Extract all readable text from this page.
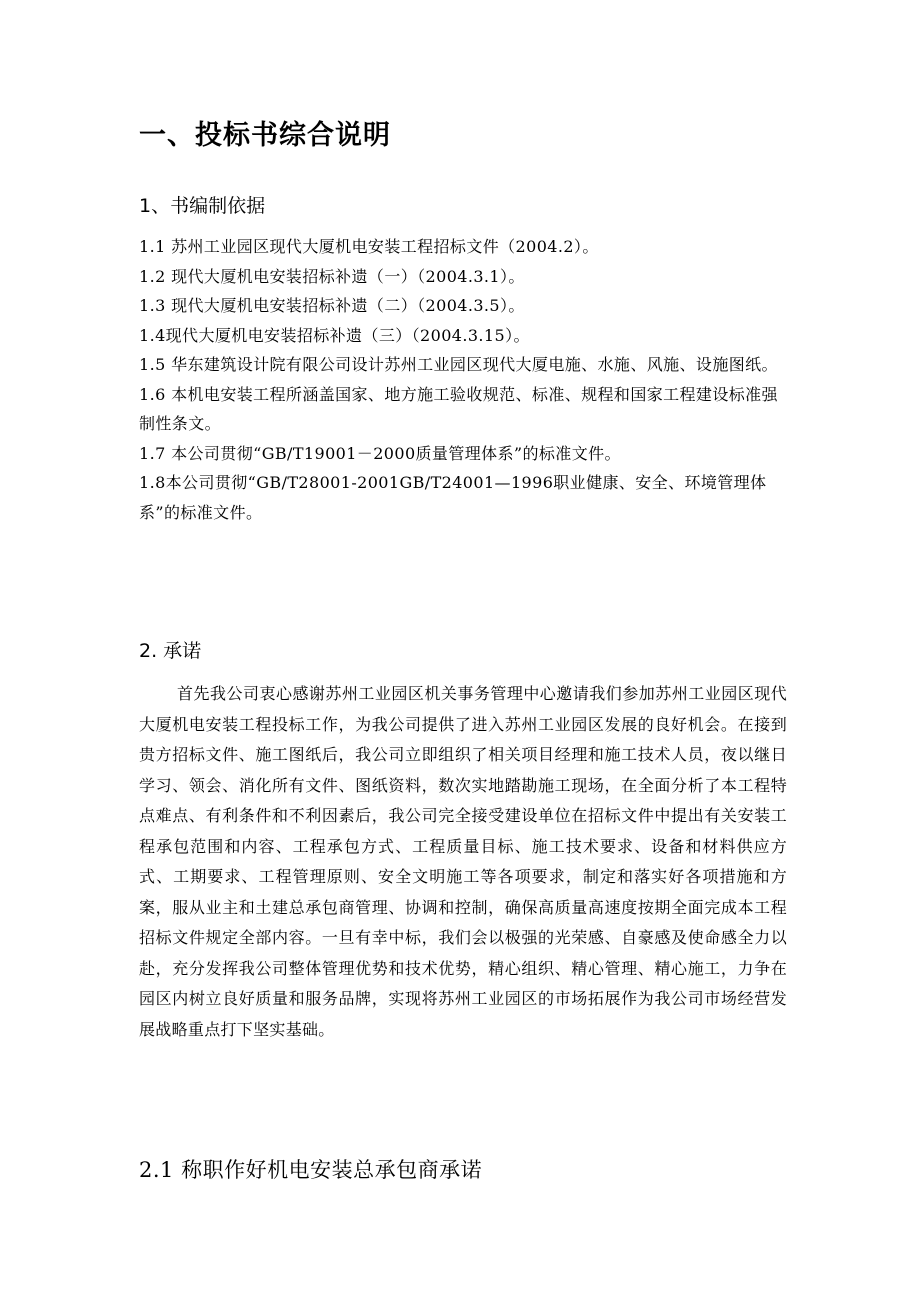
一、投标书综合说明
1、书编制依据

1.1 苏州工业园区现代大厦机电安装工程招标文件（2004.2）。

1.2 现代大厦机电安装招标补遗（一）（2004.3.1）。

1.3 现代大厦机电安装招标补遗（二）（2004.3.5）。

1.4现代大厦机电安装招标补遗（三）（2004.3.15）。

1.5 华东建筑设计院有限公司设计苏州工业园区现代大厦电施、水施、风施、设施图纸。

1.6 本机电安装工程所涵盖国家、地方施工验收规范、标准、规程和国家工程建设标准强制性条文。

1.7 本公司贯彻“GB/T19001－2000质量管理体系”的标准文件。

1.8本公司贯彻“GB/T28001-2001GB/T24001—1996职业健康、安全、环境管理体系”的标准文件。

2. 承诺

首先我公司衷心感谢苏州工业园区机关事务管理中心邀请我们参加苏州工业园区现代大厦机电安装工程投标工作，为我公司提供了进入苏州工业园区发展的良好机会。在接到贵方招标文件、施工图纸后，我公司立即组织了相关项目经理和施工技术人员，夜以继日学习、领会、消化所有文件、图纸资料，数次实地踏勘施工现场，在全面分析了本工程特点难点、有利条件和不利因素后，我公司完全接受建设单位在招标文件中提出有关安装工程承包范围和内容、工程承包方式、工程质量目标、施工技术要求、设备和材料供应方式、工期要求、工程管理原则、安全文明施工等各项要求，制定和落实好各项措施和方案，服从业主和土建总承包商管理、协调和控制，确保高质量高速度按期全面完成本工程招标文件规定全部内容。一旦有幸中标，我们会以极强的光荣感、自豪感及使命感全力以赴，充分发挥我公司整体管理优势和技术优势，精心组织、精心管理、精心施工，力争在园区内树立良好质量和服务品牌，实现将苏州工业园区的市场拓展作为我公司市场经营发展战略重点打下坚实基础。

2.1 称职作好机电安装总承包商承诺
